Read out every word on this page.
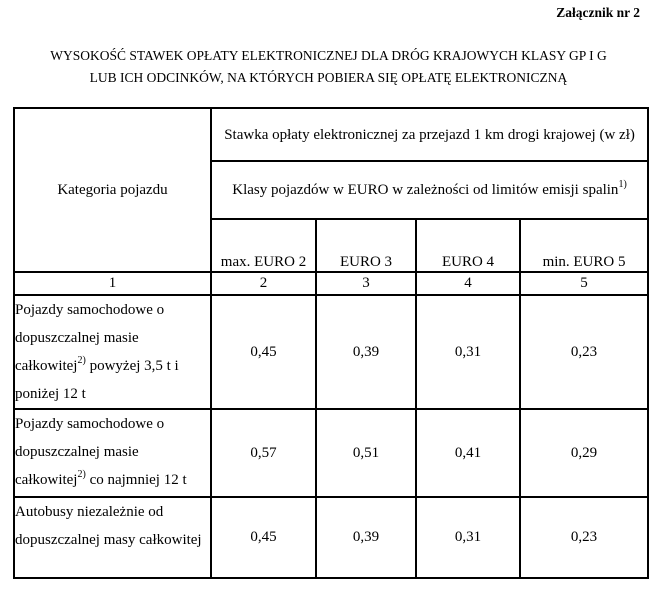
Załącznik nr 2
WYSOKOŚĆ STAWEK OPŁATY ELEKTRONICZNEJ DLA DRÓG KRAJOWYCH KLASY GP I G
LUB ICH ODCINKÓW, NA KTÓRYCH POBIERA SIĘ OPŁATĘ ELEKTRONICZNĄ
Kategoria pojazdu	Stawka opłaty elektronicznej za przejazd 1 km drogi krajowej (w zł)			
	Klasy pojazdów w EURO w zależności od limitów emisji spalin$^{1)}$
	max. EURO 2	EURO 3	EURO 4	min. EURO 5
1	2	3	4	5
Pojazdy samochodowe o dopuszczalnej masie całkowitej$^{2)}$ powyżej 3,5 t i poniżej 12 t	0,45	0,39	0,31	0,23
Pojazdy samochodowe o dopuszczalnej masie całkowitej$^{2)}$ co najmniej 12 t	0,57	0,51	0,41	0,29
Autobusy niezależnie od dopuszczalnej masy całkowitej	0,45	0,39	0,31	0,23
